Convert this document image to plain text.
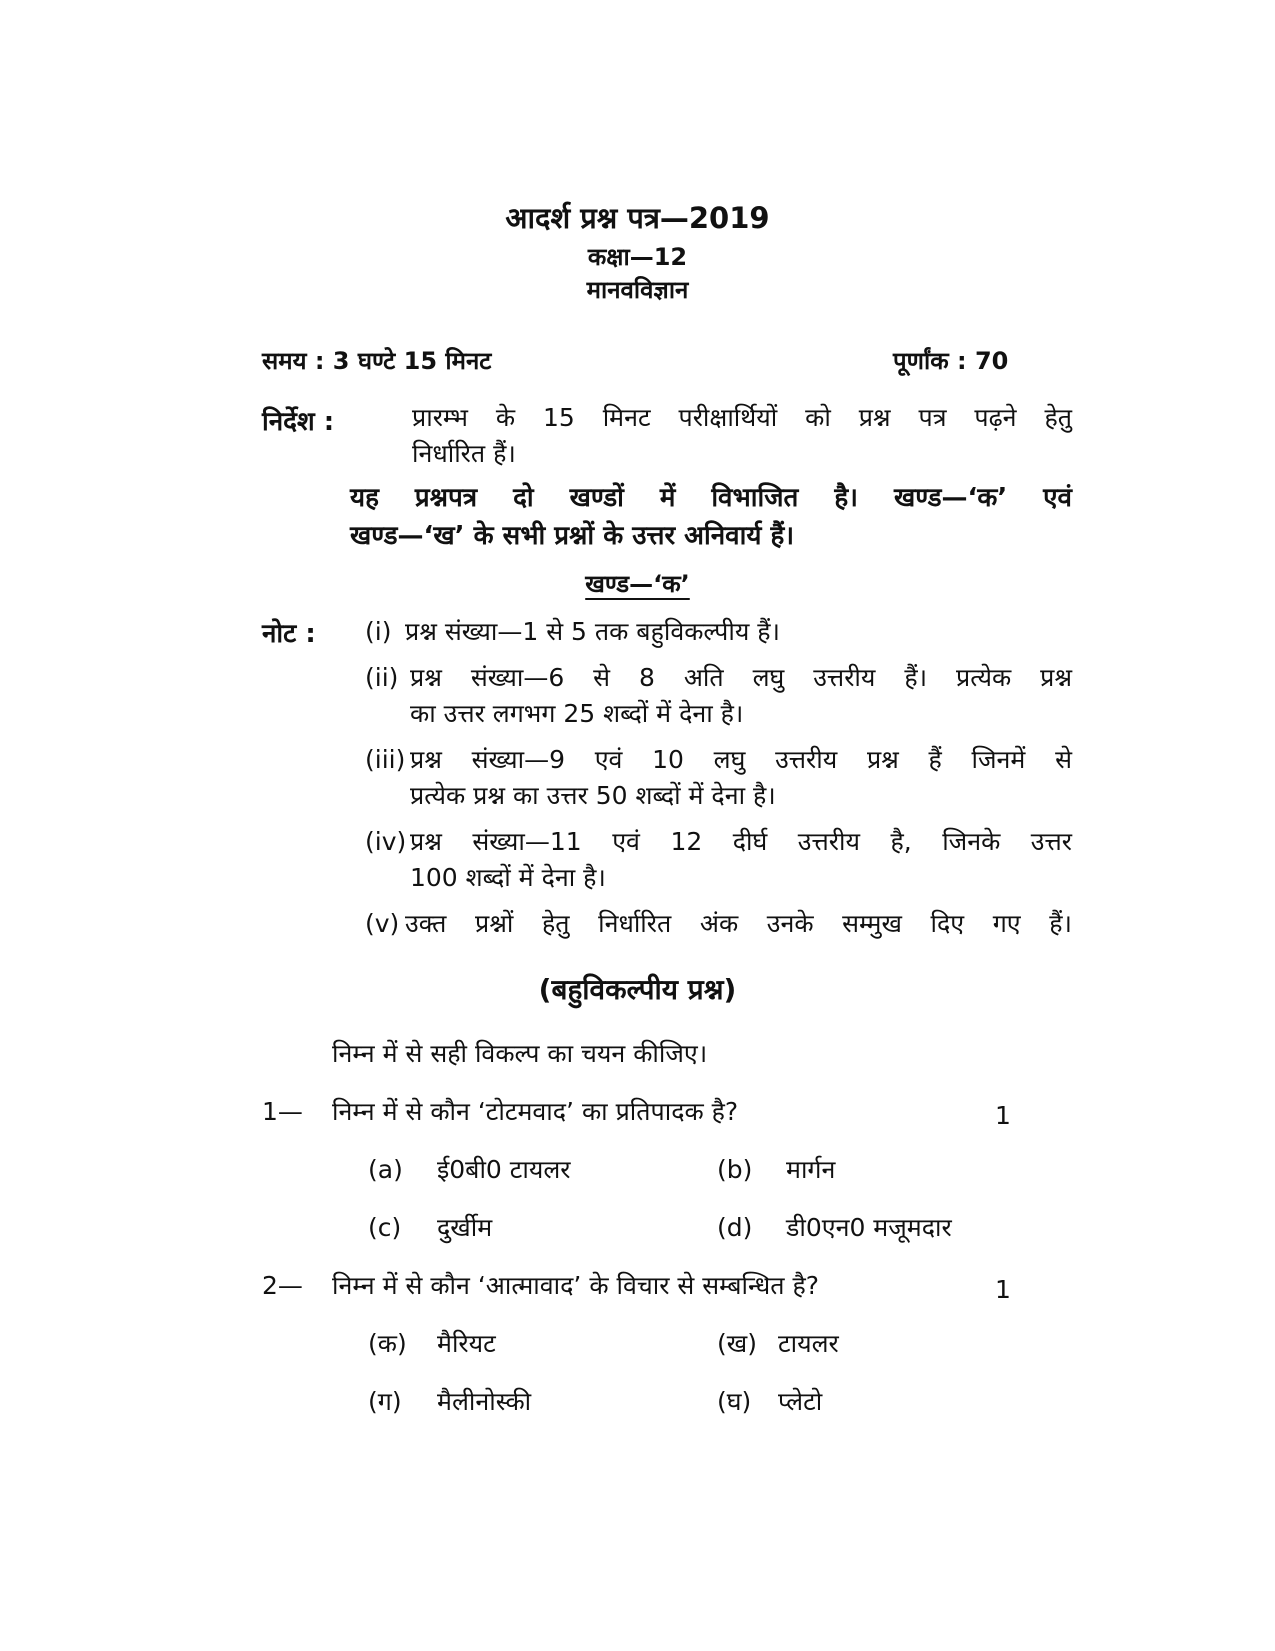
आदर्श प्रश्न पत्र—2019
कक्षा—12
मानवविज्ञान
समय : 3 घण्टे 15 मिनट	पूर्णांक : 70
निर्देश :	प्रारम्भ के 15 मिनट परीक्षार्थियों को प्रश्न पत्र पढ़ने हेतु
निर्धारित हैं।
यह प्रश्नपत्र दो खण्डों में विभाजित है। खण्ड—‘क’ एवं
खण्ड—‘ख’ के सभी प्रश्नों के उत्तर अनिवार्य हैं।
खण्ड—‘क’
नोट : (i) प्रश्न संख्या—1 से 5 तक बहुविकल्पीय हैं।
(ii) प्रश्न संख्या—6 से 8 अति लघु उत्तरीय हैं। प्रत्येक प्रश्न
का उत्तर लगभग 25 शब्दों में देना है।
(iii) प्रश्न संख्या—9 एवं 10 लघु उत्तरीय प्रश्न हैं जिनमें से
प्रत्येक प्रश्न का उत्तर 50 शब्दों में देना है।
(iv) प्रश्न संख्या—11 एवं 12 दीर्घ उत्तरीय है, जिनके उत्तर
100 शब्दों में देना है।
(v) उक्त प्रश्नों हेतु निर्धारित अंक उनके सम्मुख दिए गए हैं।
(बहुविकल्पीय प्रश्न)
निम्न में से सही विकल्प का चयन कीजिए।
1— निम्न में से कौन ‘टोटमवाद’ का प्रतिपादक है?	1
(a) ई0बी0 टायलर	(b) मार्गन
(c) दुर्खीम	(d) डी0एन0 मजूमदार
2— निम्न में से कौन ‘आत्मावाद’ के विचार से सम्बन्धित है?	1
(क) मैरियट	(ख) टायलर
(ग) मैलीनोस्की	(घ) प्लेटो
